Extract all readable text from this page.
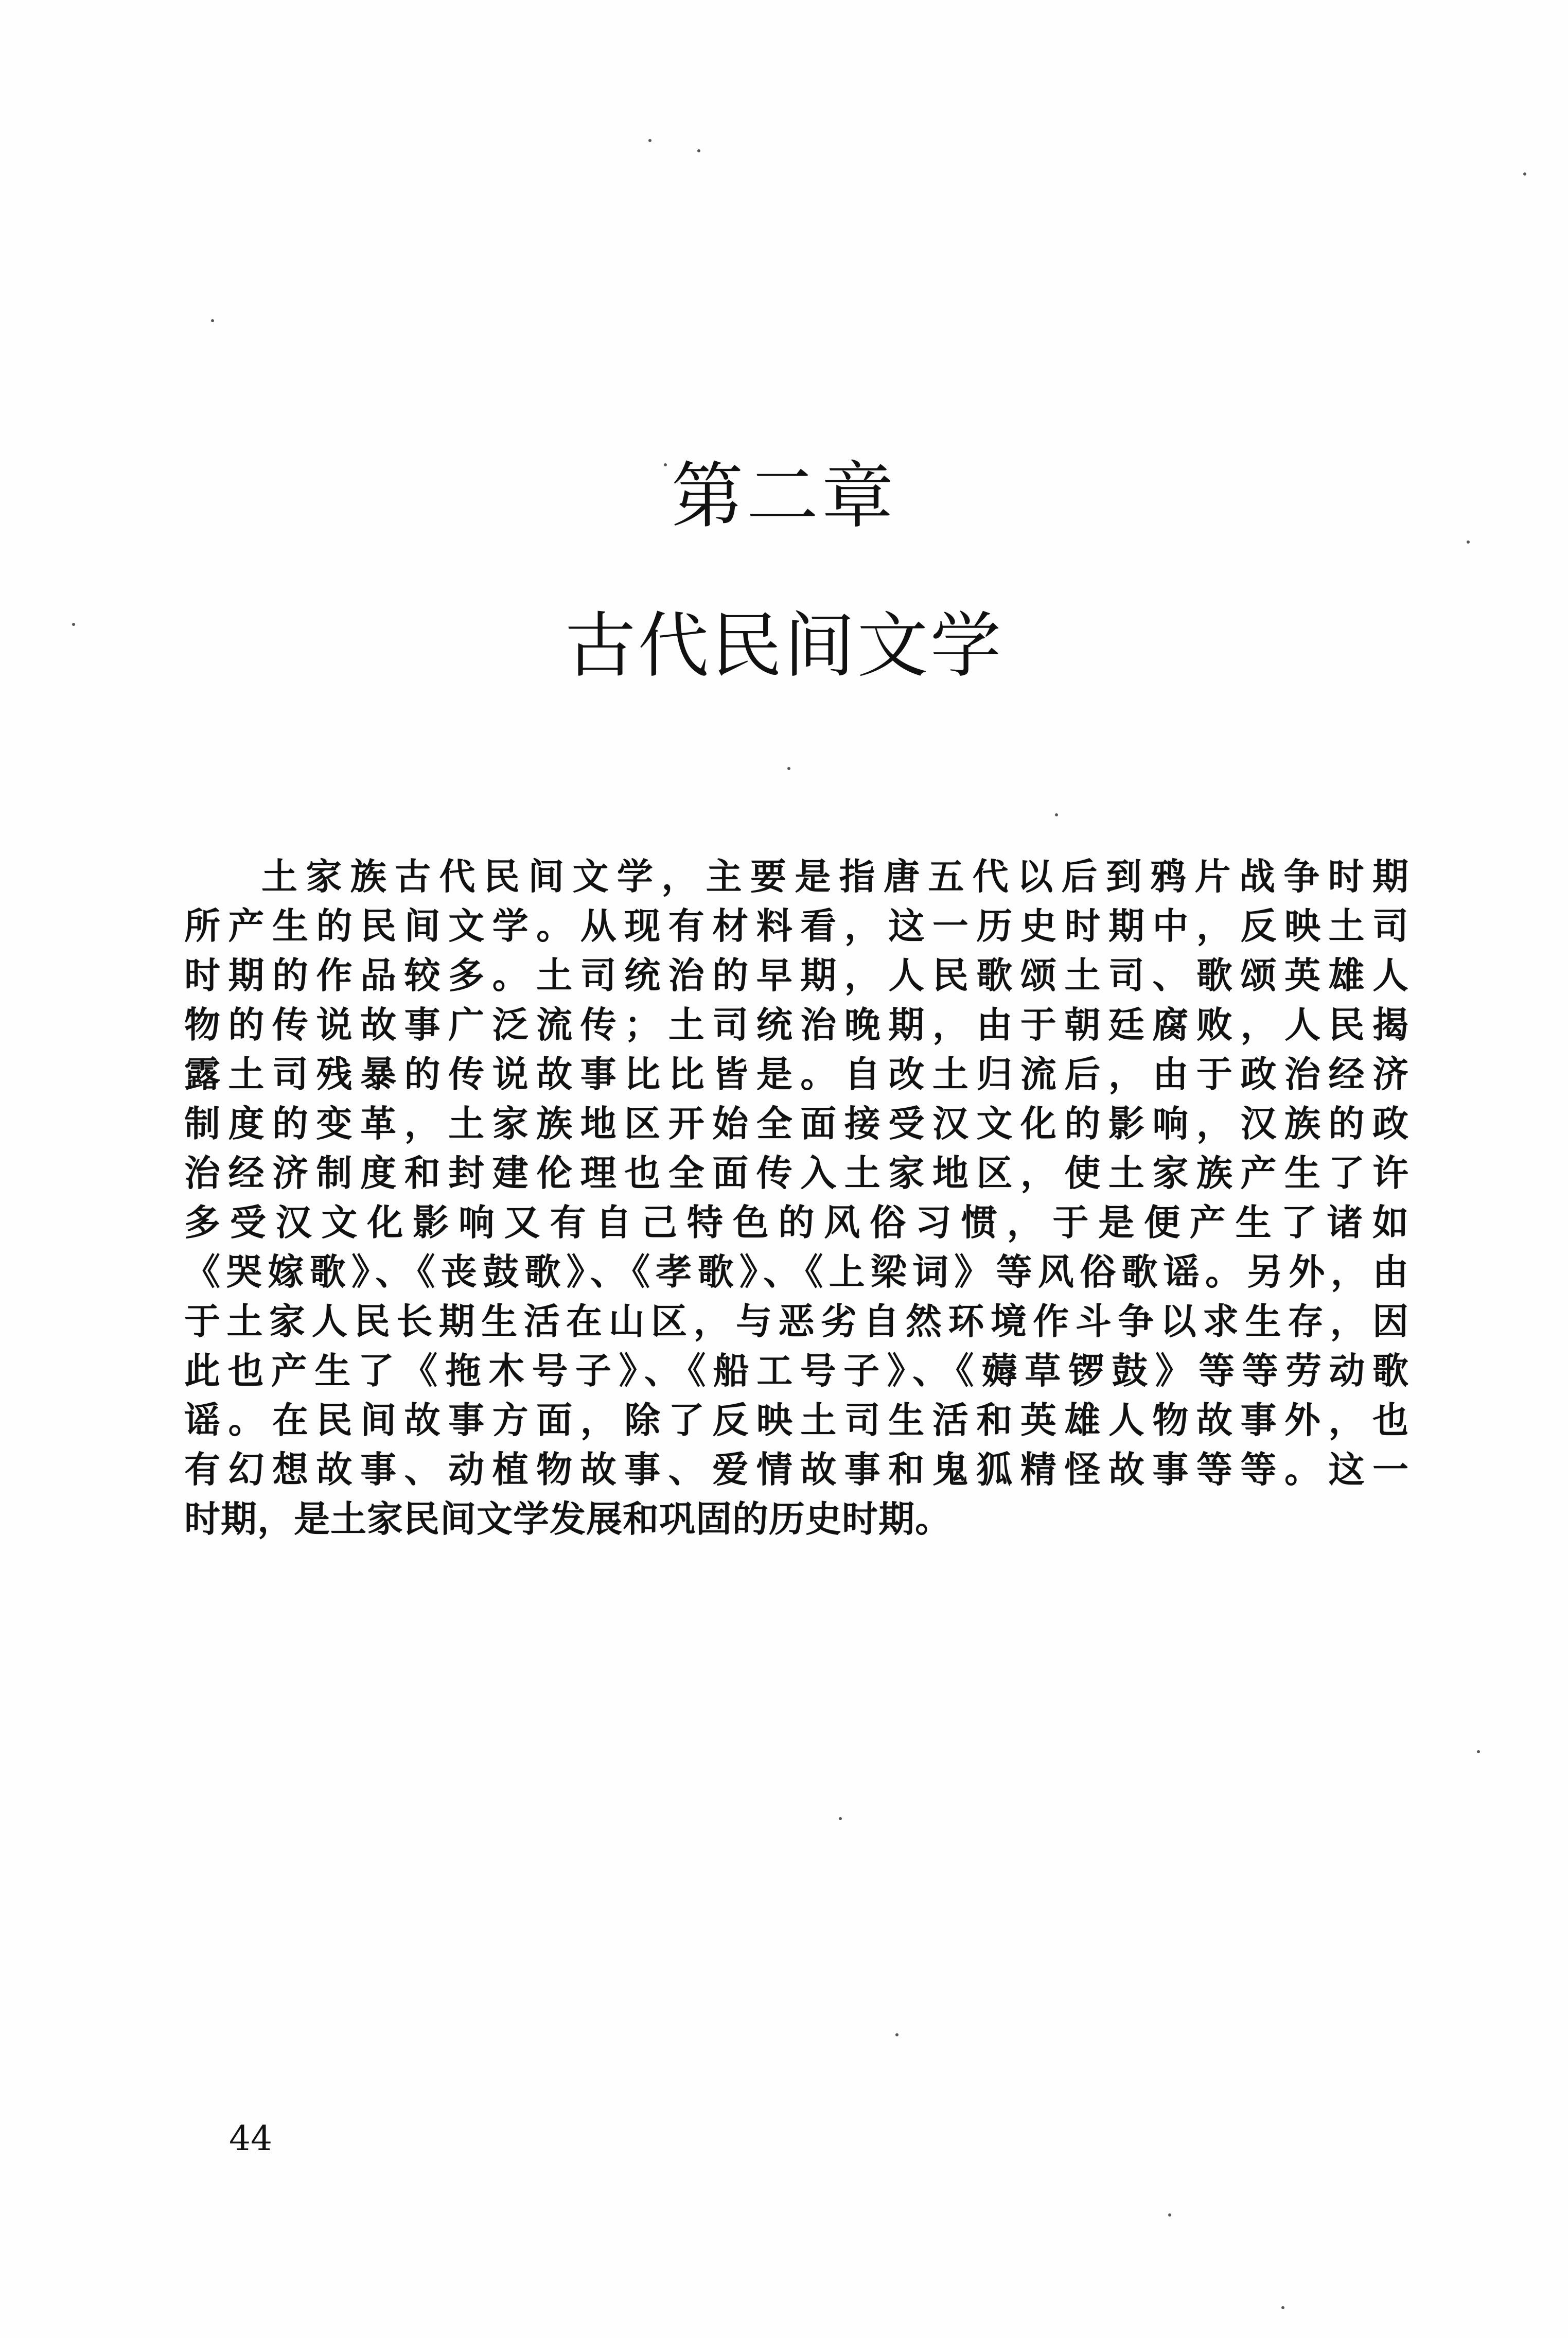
第二章
古代民间文学
土家族古代民间文学，主要是指唐五代以后到鸦片战争时期
所产生的民间文学。从现有材料看，这一历史时期中，反映土司
时期的作品较多。土司统治的早期，人民歌颂土司、歌颂英雄人
物的传说故事广泛流传；土司统治晚期，由于朝廷腐败，人民揭
露土司残暴的传说故事比比皆是。自改土归流后，由于政治经济
制度的变革，土家族地区开始全面接受汉文化的影响，汉族的政
治经济制度和封建伦理也全面传入土家地区，使土家族产生了许
多受汉文化影响又有自己特色的风俗习惯，于是便产生了诸如
《哭嫁歌》、《丧鼓歌》、《孝歌》、《上梁词》等风俗歌谣。另外，由
于土家人民长期生活在山区，与恶劣自然环境作斗争以求生存，因
此也产生了《拖木号子》、《船工号子》、《薅草锣鼓》等等劳动歌
谣。在民间故事方面，除了反映土司生活和英雄人物故事外，也
有幻想故事、动植物故事、爱情故事和鬼狐精怪故事等等。这一
时期，是土家民间文学发展和巩固的历史时期。
44
